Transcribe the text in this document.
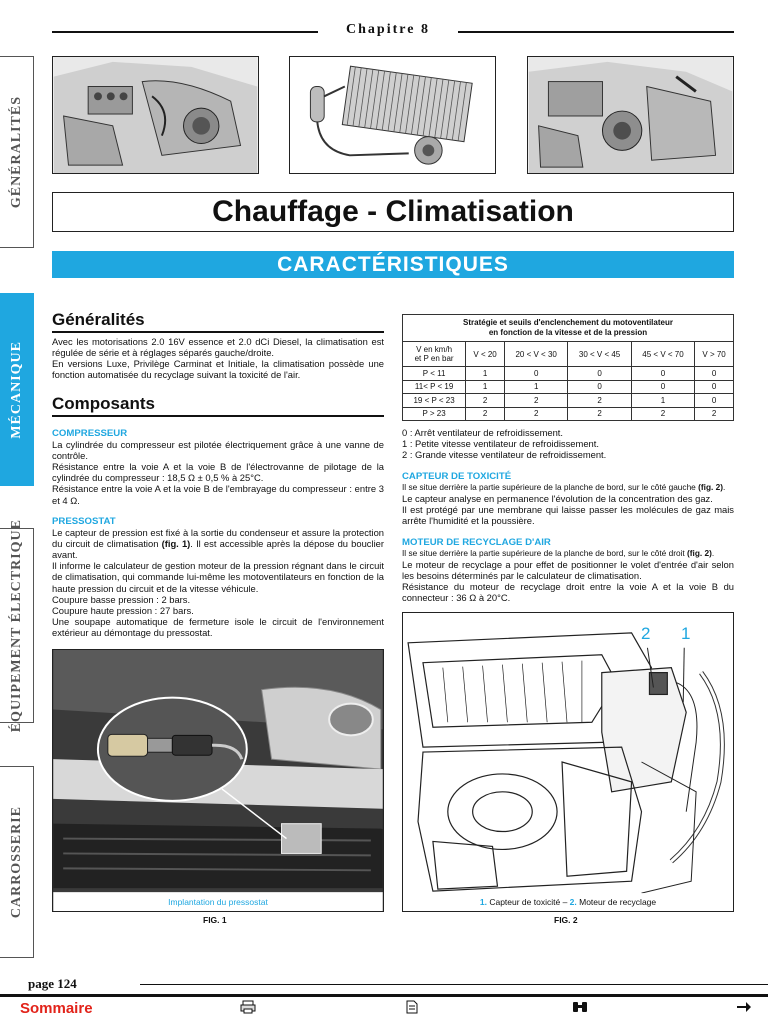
Chapitre 8
Chauffage - Climatisation
CARACTÉRISTIQUES
GÉNÉRALITÉS
MÉCANIQUE
ÉQUIPEMENT ÉLECTRIQUE
CARROSSERIE
Généralités

Avec les motorisations 2.0 16V essence et 2.0 dCi Diesel, la climatisation est régulée de série et à réglages séparés gauche/droite.

En versions Luxe, Privilège Carminat et Initiale, la climatisation possède une fonction automatisée du recyclage suivant la toxicité de l'air.

Composants

COMPRESSEUR

La cylindrée du compresseur est pilotée électriquement grâce à une vanne de contrôle.

Résistance entre la voie A et la voie B de l'électrovanne de pilotage de la cylindrée du compresseur : 18,5 Ω ± 0,5 % à 25°C.

Résistance entre la voie A et la voie B de l'embrayage du compresseur : entre 3 et 4 Ω.

PRESSOSTAT

Le capteur de pression est fixé à la sortie du condenseur et assure la protection du circuit de climatisation (fig. 1). Il est accessible après la dépose du bouclier avant.

Il informe le calculateur de gestion moteur de la pression régnant dans le circuit de climatisation, qui commande lui-même les motoventilateurs en fonction de la haute pression du circuit et de la vitesse véhicule.

Coupure basse pression : 2 bars.

Coupure haute pression : 27 bars.

Une soupape automatique de fermeture isole le circuit de l'environnement extérieur au démontage du pressostat.

Implantation du pressostat
FIG. 1
Stratégie et seuils d'enclenchement du motoventilateur
en fonction de la vitesse et de la pression					
V en km/h
et P en bar	V < 20	20 < V < 30	30 < V < 45	45 < V < 70	V > 70
P < 11	1	0	0	0	0
11< P < 19	1	1	0	0	0
19 < P < 23	2	2	2	1	0
P > 23	2	2	2	2	2

0 : Arrêt ventilateur de refroidissement.

1 : Petite vitesse ventilateur de refroidissement.

2 : Grande vitesse ventilateur de refroidissement.

CAPTEUR DE TOXICITÉ

Il se situe derrière la partie supérieure de la planche de bord, sur le côté gauche (fig. 2).

Le capteur analyse en permanence l'évolution de la concentration des gaz.

Il est protégé par une membrane qui laisse passer les molécules de gaz mais arrête l'humidité et la poussière.

MOTEUR DE RECYCLAGE D'AIR

Il se situe derrière la partie supérieure de la planche de bord, sur le côté droit (fig. 2).

Le moteur de recyclage a pour effet de positionner le volet d'entrée d'air selon les besoins déterminés par le calculateur de climatisation.

Résistance du moteur de recyclage droit entre la voie A et la voie B du connecteur : 36 Ω à 20°C.

2 1
1. Capteur de toxicité – 2. Moteur de recyclage
FIG. 2
page 124
Sommaire
